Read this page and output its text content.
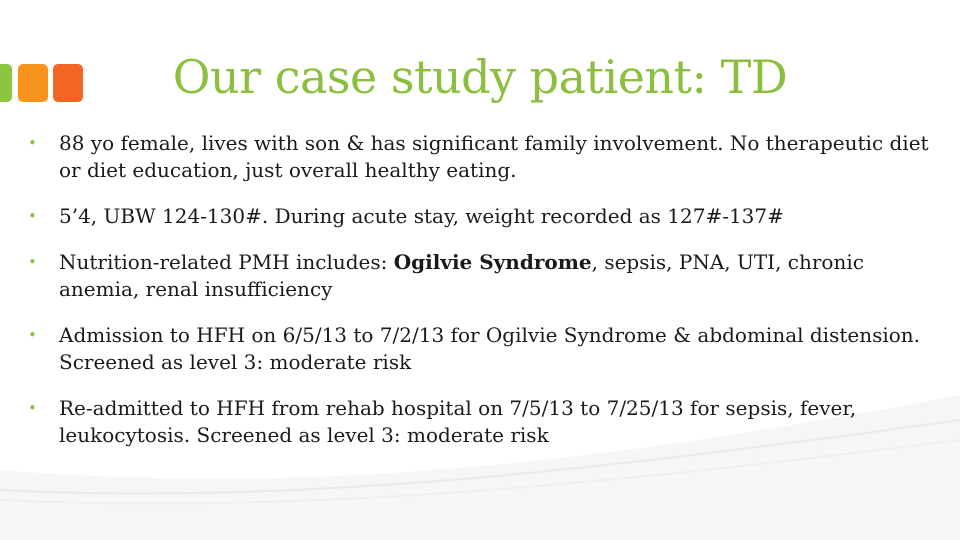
Our case study patient: TD
• 88 yo female, lives with son & has significant family involvement. No therapeutic diet or diet education, just overall healthy eating.
• 5’4, UBW 124-130#. During acute stay, weight recorded as 127#-137#
• Nutrition-related PMH includes: Ogilvie Syndrome, sepsis, PNA, UTI, chronic anemia, renal insufficiency
• Admission to HFH on 6/5/13 to 7/2/13 for Ogilvie Syndrome & abdominal distension. Screened as level 3: moderate risk
• Re-admitted to HFH from rehab hospital on 7/5/13 to 7/25/13 for sepsis, fever, leukocytosis. Screened as level 3: moderate risk
